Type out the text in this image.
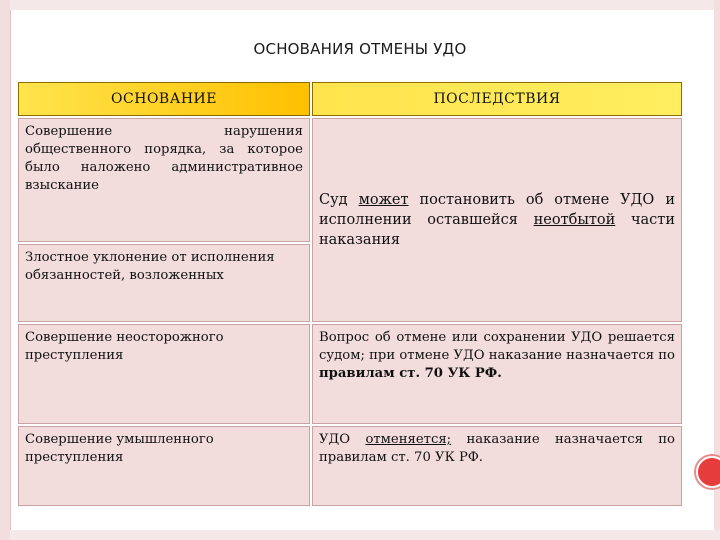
ОСНОВАНИЯ ОТМЕНЫ УДО
ОСНОВАНИЕ	ПОСЛЕДСТВИЯ
Совершение нарушения общественного порядка, за которое было наложено административное взыскание
Злостное уклонение от исполнения обязанностей, возложенных
Суд может постановить об отмене УДО и исполнении оставшейся неотбытой части наказания
Совершение неосторожного преступления
Вопрос об отмене или сохранении УДО решается судом; при отмене УДО наказание назначается по правилам ст. 70 УК РФ.
Совершение умышленного преступления
УДО отменяется; наказание назначается по правилам ст. 70 УК РФ.
